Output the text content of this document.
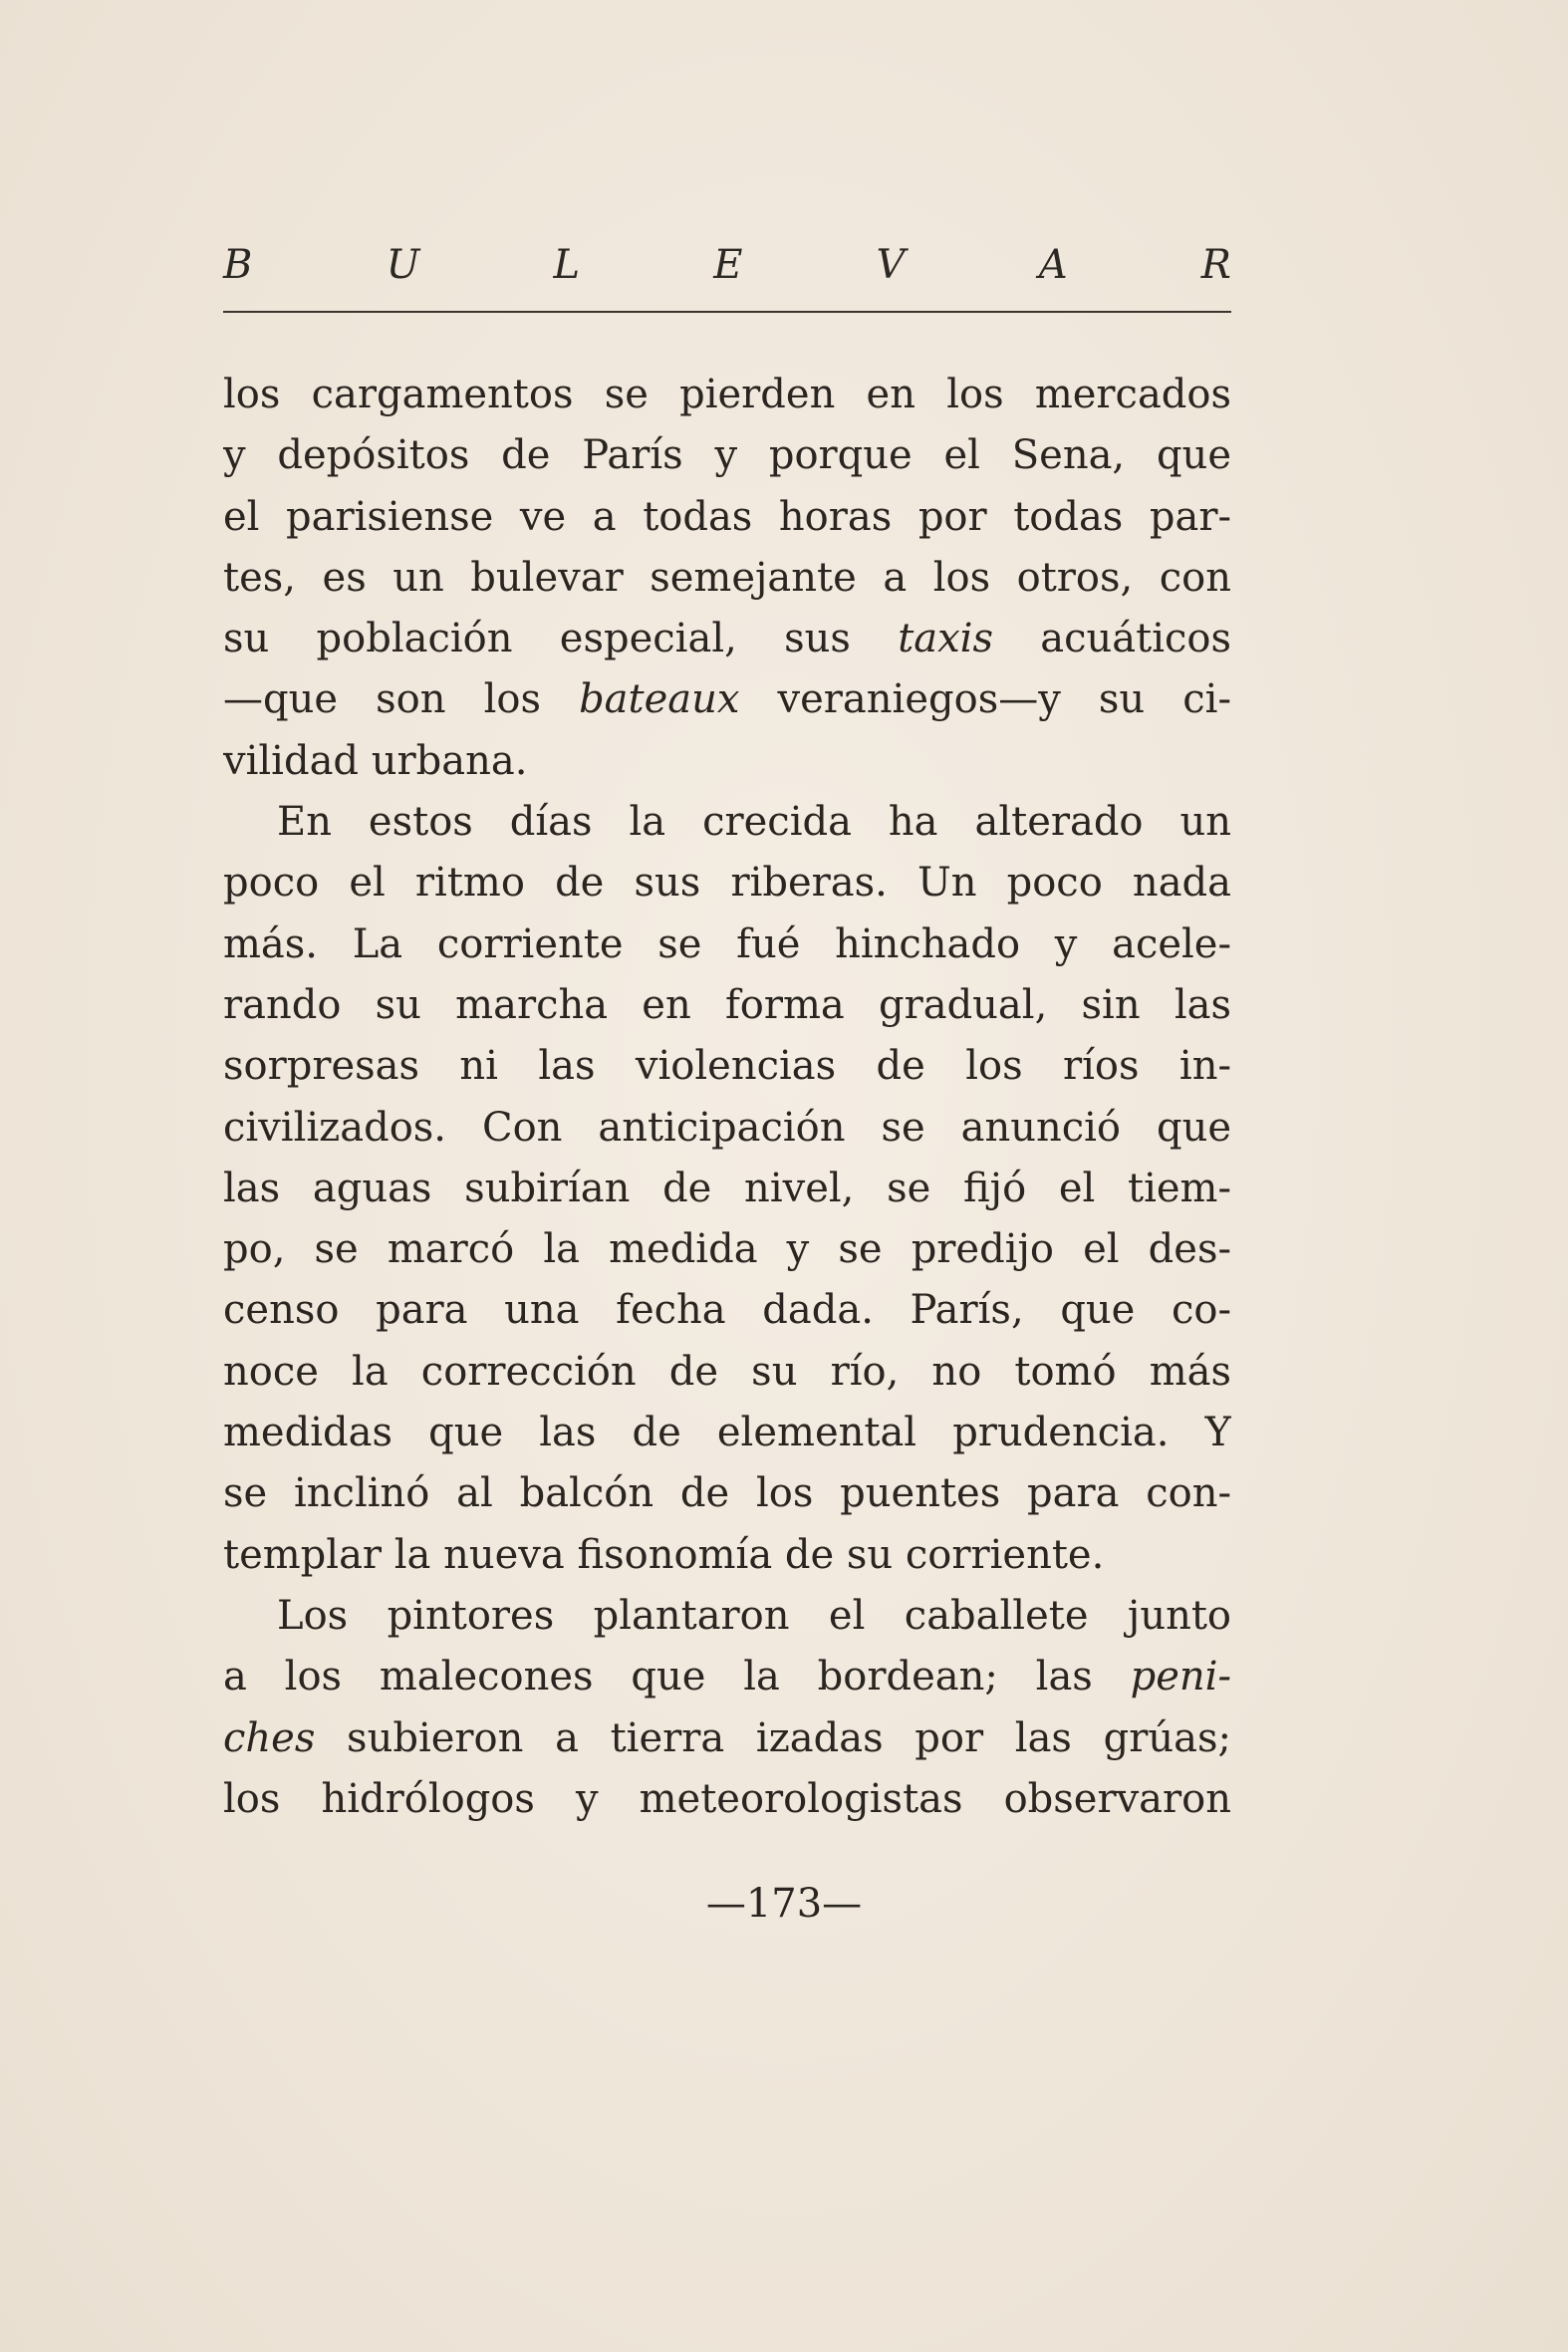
B	U	L	E	V	A	R
los cargamentos se pierden en los mercados
y depósitos de París y porque el Sena, que
el parisiense ve a todas horas por todas par-
tes, es un bulevar semejante a los otros, con
su población especial, sus taxis acuáticos
—que son los bateaux veraniegos—y su ci-
vilidad urbana.
En estos días la crecida ha alterado un
poco el ritmo de sus riberas. Un poco nada
más. La corriente se fué hinchado y acele-
rando su marcha en forma gradual, sin las
sorpresas ni las violencias de los ríos in-
civilizados. Con anticipación se anunció que
las aguas subirían de nivel, se fijó el tiem-
po, se marcó la medida y se predijo el des-
censo para una fecha dada. París, que co-
noce la corrección de su río, no tomó más
medidas que las de elemental prudencia. Y
se inclinó al balcón de los puentes para con-
templar la nueva fisonomía de su corriente.
Los pintores plantaron el caballete junto
a los malecones que la bordean; las peni-
ches subieron a tierra izadas por las grúas;
los hidrólogos y meteorologistas observaron
—173—
